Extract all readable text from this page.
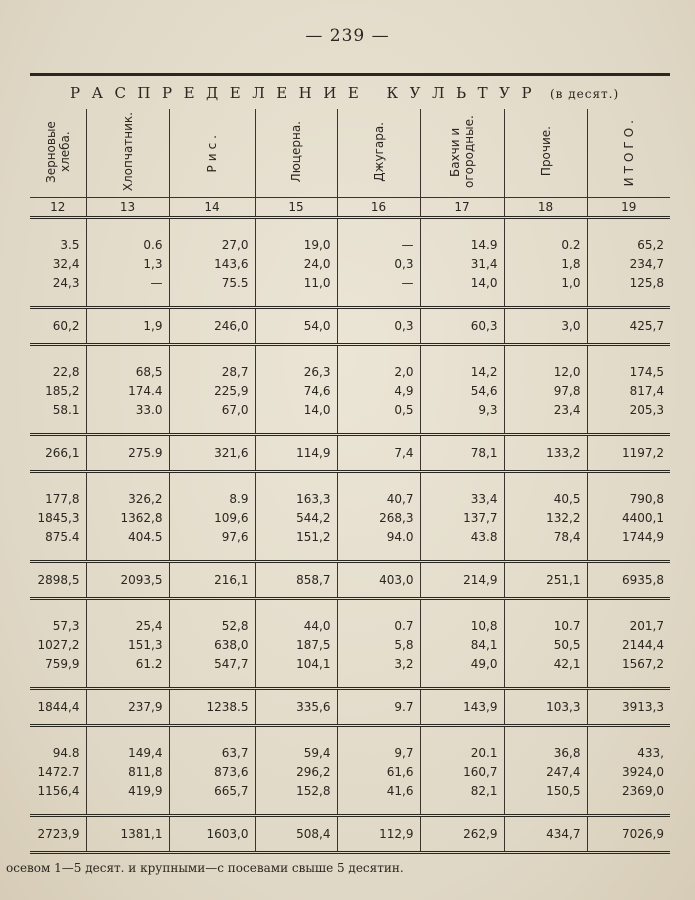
— 239 —
РАСПРЕДЕЛЕНИЕ КУЛЬТУР (в десят.)
Зерновые хлеба.	Хлопчатник.	Рис.	Люцерна.	Джугара.	Бахчи и огородные.	Прочие.	ИТОГО.
12	13	14	15	16	17	18	19
3.5	0.6	27,0	19,0	—	14.9	0.2	65,2
32,4	1,3	143,6	24,0	0,3	31,4	1,8	234,7
24,3	—	75.5	11,0	—	14,0	1,0	125,8
60,2	1,9	246,0	54,0	0,3	60,3	3,0	425,7
22,8	68,5	28,7	26,3	2,0	14,2	12,0	174,5
185,2	174.4	225,9	74,6	4,9	54,6	97,8	817,4
58.1	33.0	67,0	14,0	0,5	9,3	23,4	205,3
266,1	275.9	321,6	114,9	7,4	78,1	133,2	1197,2
177,8	326,2	8.9	163,3	40,7	33,4	40,5	790,8
1845,3	1362,8	109,6	544,2	268,3	137,7	132,2	4400,1
875.4	404.5	97,6	151,2	94.0	43.8	78,4	1744,9
2898,5	2093,5	216,1	858,7	403,0	214,9	251,1	6935,8
57,3	25,4	52,8	44,0	0.7	10,8	10.7	201,7
1027,2	151,3	638,0	187,5	5,8	84,1	50,5	2144,4
759,9	61.2	547,7	104,1	3,2	49,0	42,1	1567,2
1844,4	237,9	1238.5	335,6	9.7	143,9	103,3	3913,3
94.8	149,4	63,7	59,4	9,7	20.1	36,8	433,
1472.7	811,8	873,6	296,2	61,6	160,7	247,4	3924,0
1156,4	419,9	665,7	152,8	41,6	82,1	150,5	2369,0
2723,9	1381,1	1603,0	508,4	112,9	262,9	434,7	7026,9
осевом 1—5 десят. и крупными—с посевами свыше 5 десятин.
